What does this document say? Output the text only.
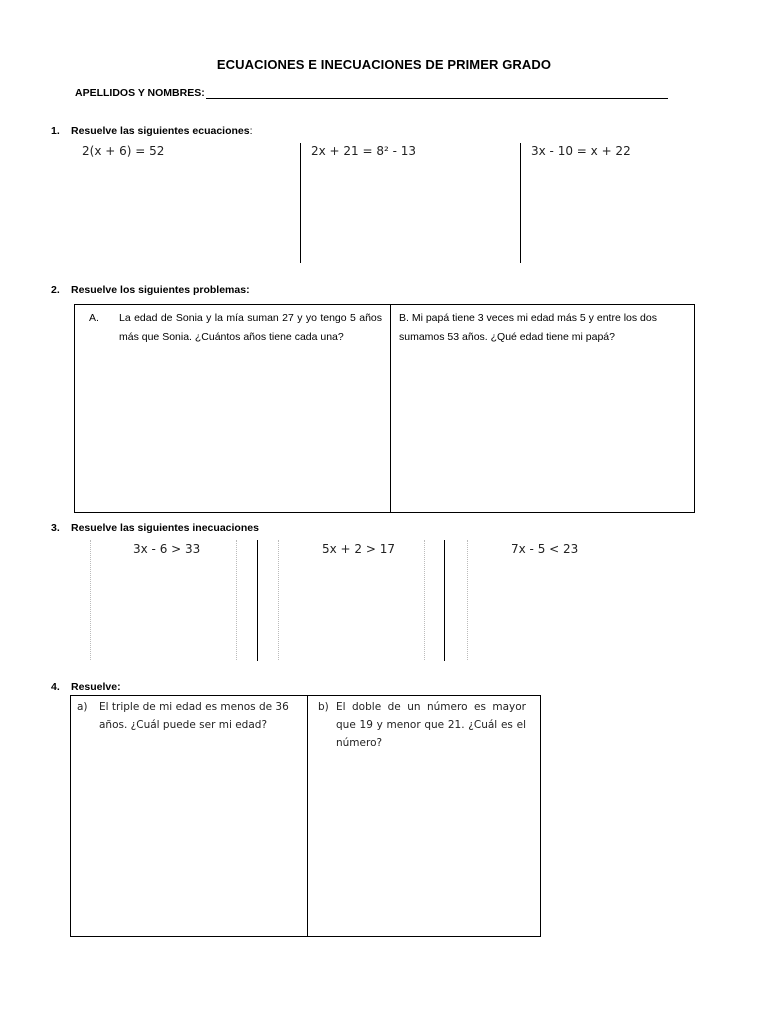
ECUACIONES E INECUACIONES DE PRIMER GRADO
APELLIDOS Y NOMBRES:
1.	Resuelve las siguientes ecuaciones:
2(x + 6) = 52	2x + 21 = 8² - 13	3x - 10 = x + 22
2.	Resuelve los siguientes problemas:
A.	La edad de Sonia y la mía suman 27 y yo tengo 5 años más que Sonia. ¿Cuántos años tiene cada una?
B. Mi papá tiene 3 veces mi edad más 5 y entre los dos sumamos 53 años. ¿Qué edad tiene mi papá?
3.	Resuelve las siguientes inecuaciones
3x - 6 > 33	5x + 2 > 17	7x - 5 < 23
4.	Resuelve:
a)	El triple de mi edad es menos de 36 años. ¿Cuál puede ser mi edad?
b) El doble de un número es mayor que 19 y menor que 21. ¿Cuál es el número?
